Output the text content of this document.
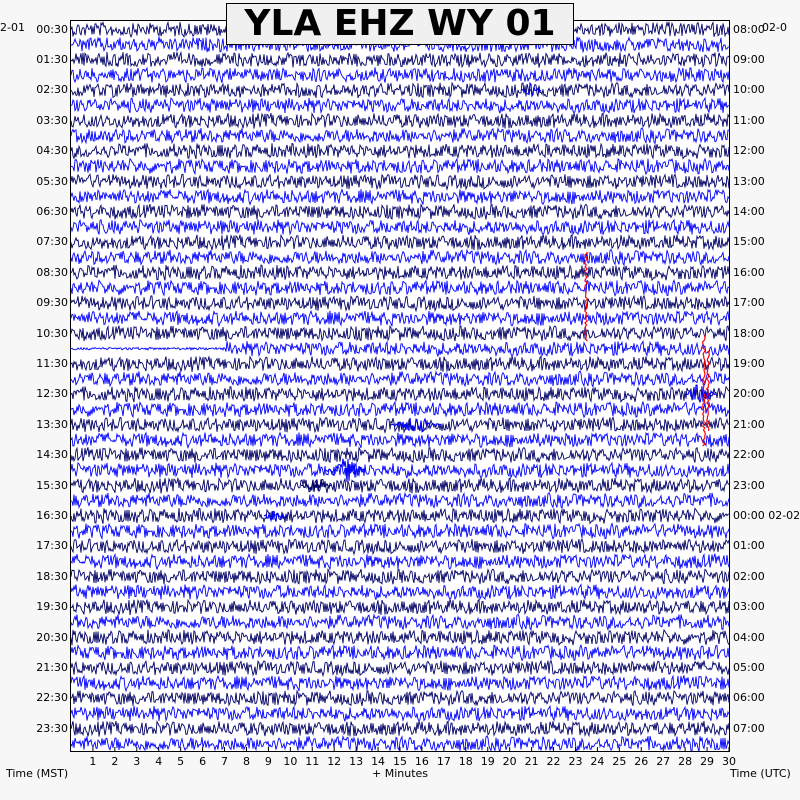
YLA EHZ WY 01
2-01	02-0
00:30
01:30
02:30
03:30
04:30
05:30
06:30
07:30
08:30
09:30
10:30
11:30
12:30
13:30
14:30
15:30
16:30
17:30
18:30
19:30
20:30
21:30
22:30
23:30
08:00
09:00
10:00
11:00
12:00
13:00
14:00
15:00
16:00
17:00
18:00
19:00
20:00
21:00
22:00
23:00
00:00 02-02
01:00
02:00
03:00
04:00
05:00
06:00
07:00
1	2	3	4	5	6	7	8	9	10 11 12 13 14 15 16 17 18 19 20 21 22 23 24 25 26 27 28 29 30
Time (MST)	+ Minutes	Time (UTC)
